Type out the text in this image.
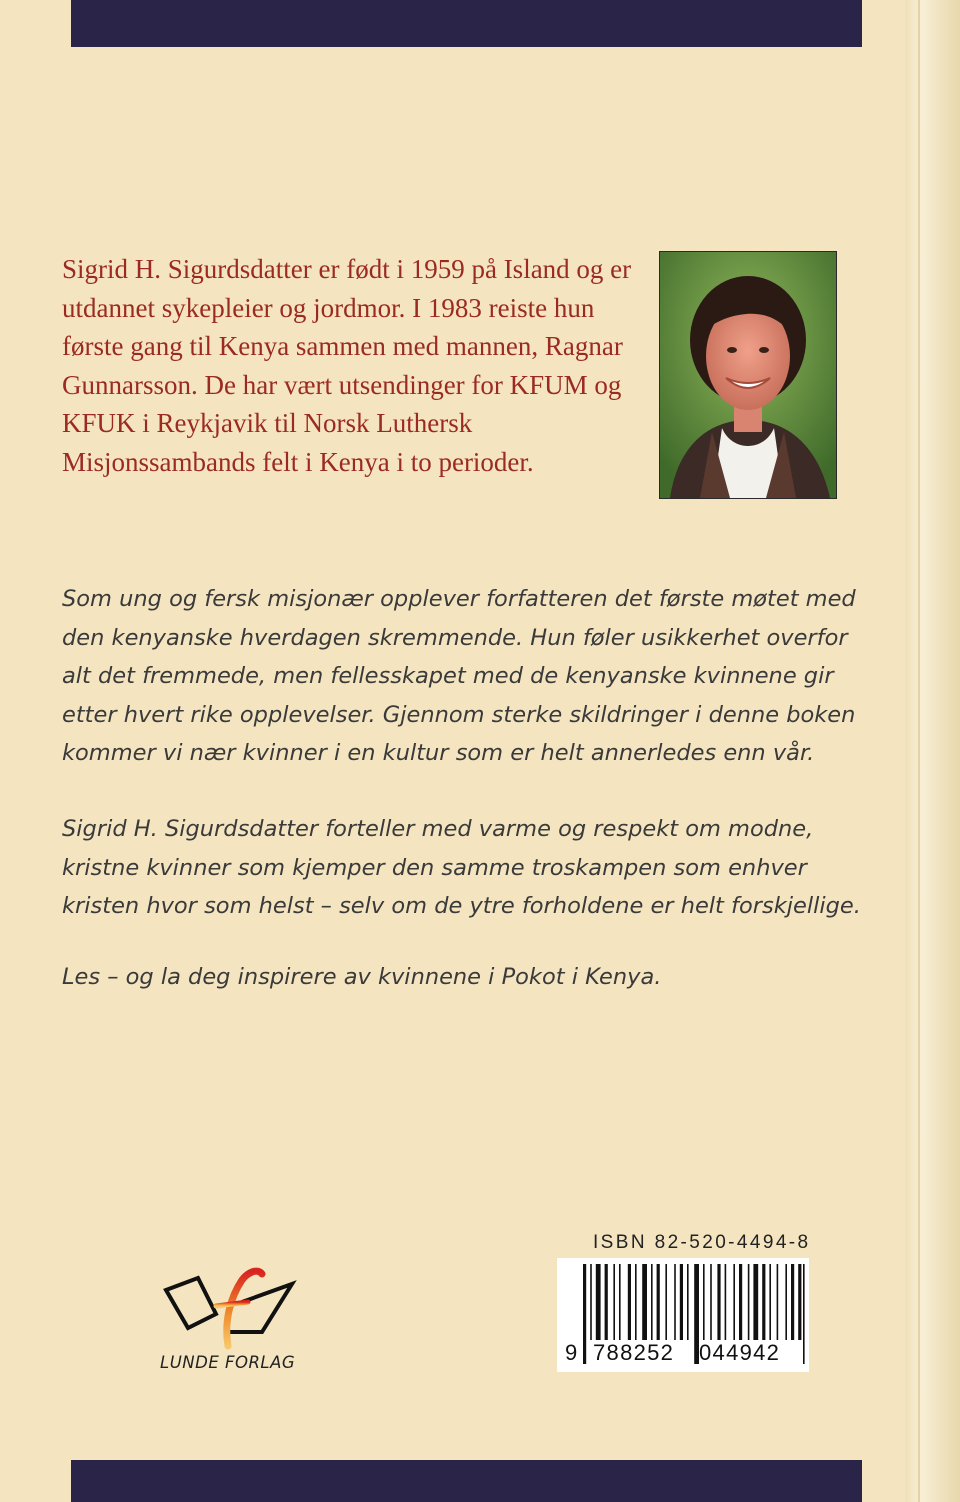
Sigrid H. Sigurdsdatter er født i 1959 på Island og er utdannet sykepleier og jordmor. I 1983 reiste hun første gang til Kenya sammen med mannen, Ragnar Gunnarsson. De har vært utsendinger for KFUM og KFUK i Reykjavik til Norsk Luthersk Misjonssambands felt i Kenya i to perioder.

Som ung og fersk misjonær opplever forfatteren det første møtet med den kenyanske hverdagen skremmende. Hun føler usikkerhet overfor alt det fremmede, men fellesskapet med de kenyanske kvinnene gir etter hvert rike opplevelser. Gjennom sterke skildringer i denne boken kommer vi nær kvinner i en kultur som er helt annerledes enn vår.

Sigrid H. Sigurdsdatter forteller med varme og respekt om modne, kristne kvinner som kjemper den samme troskampen som enhver kristen hvor som helst – selv om de ytre forholdene er helt forskjellige.

Les – og la deg inspirere av kvinnene i Pokot i Kenya.

LUNDE FORLAG
ISBN 82-520-4494-8
9 788252 044942
